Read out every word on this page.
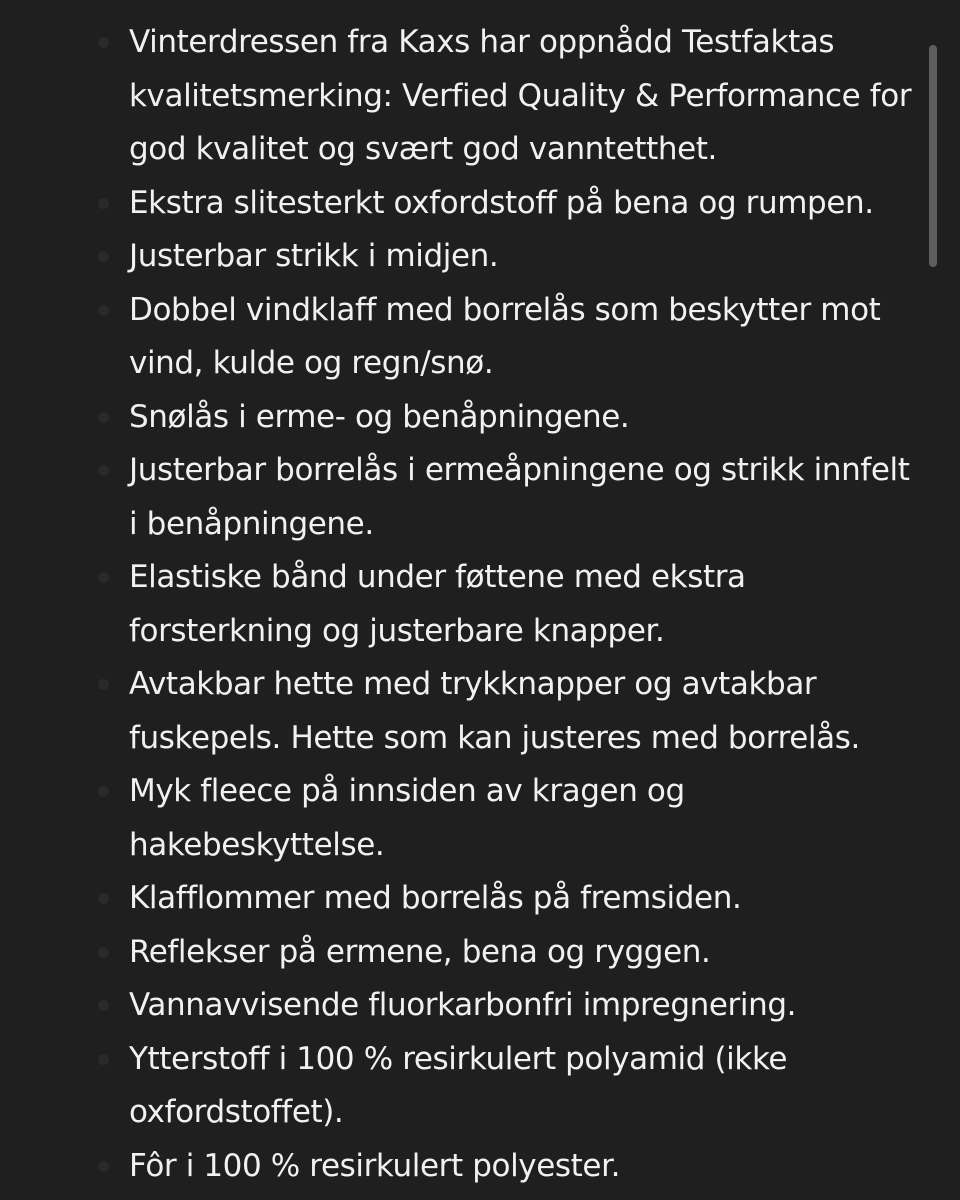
Vinterdressen fra Kaxs har oppnådd Testfaktas kvalitetsmerking: Verfied Quality & Performance for god kvalitet og svært god vanntetthet.
Ekstra slitesterkt oxfordstoff på bena og rumpen.
Justerbar strikk i midjen.
Dobbel vindklaff med borrelås som beskytter mot vind, kulde og regn/snø.
Snølås i erme- og benåpningene.
Justerbar borrelås i ermeåpningene og strikk innfelt i benåpningene.
Elastiske bånd under føttene med ekstra forsterkning og justerbare knapper.
Avtakbar hette med trykknapper og avtakbar fuskepels. Hette som kan justeres med borrelås.
Myk fleece på innsiden av kragen og hakebeskyttelse.
Klafflommer med borrelås på fremsiden.
Reflekser på ermene, bena og ryggen.
Vannavvisende fluorkarbonfri impregnering.
Ytterstoff i 100 % resirkulert polyamid (ikke oxfordstoffet).
Fôr i 100 % resirkulert polyester.
